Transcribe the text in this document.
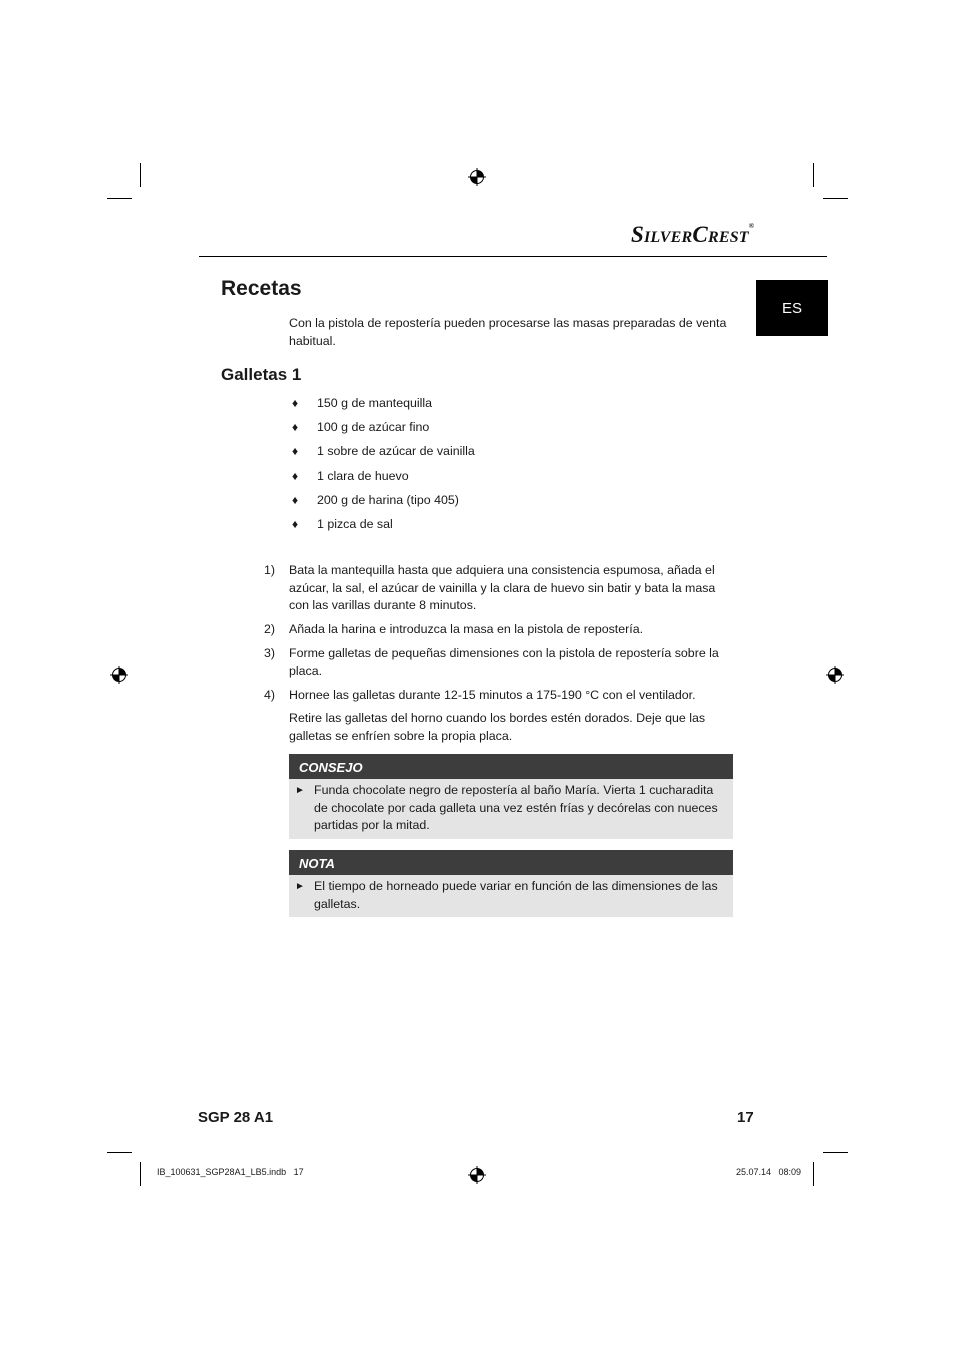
SILVERCREST®
ES
Recetas
Con la pistola de repostería pueden procesarse las masas preparadas de venta habitual.
Galletas 1
♦	150 g de mantequilla
♦	100 g de azúcar fino
♦	1 sobre de azúcar de vainilla
♦	1 clara de huevo
♦	200 g de harina (tipo 405)
♦	1 pizca de sal
1)	Bata la mantequilla hasta que adquiera una consistencia espumosa, añada el azúcar, la sal, el azúcar de vainilla y la clara de huevo sin batir y bata la masa con las varillas durante 8 minutos.
2)	Añada la harina e introduzca la masa en la pistola de repostería.
3)	Forme galletas de pequeñas dimensiones con la pistola de repostería sobre la placa.
4)	Hornee las galletas durante 12-15 minutos a 175-190 °C con el ventilador.
Retire las galletas del horno cuando los bordes estén dorados. Deje que las galletas se enfríen sobre la propia placa.
CONSEJO
► Funda chocolate negro de repostería al baño María. Vierta 1 cucharadita de chocolate por cada galleta una vez estén frías y decórelas con nueces partidas por la mitad.
NOTA
► El tiempo de horneado puede variar en función de las dimensiones de las galletas.
SGP 28 A1	17
IB_100631_SGP28A1_LB5.indb   17	25.07.14   08:09
